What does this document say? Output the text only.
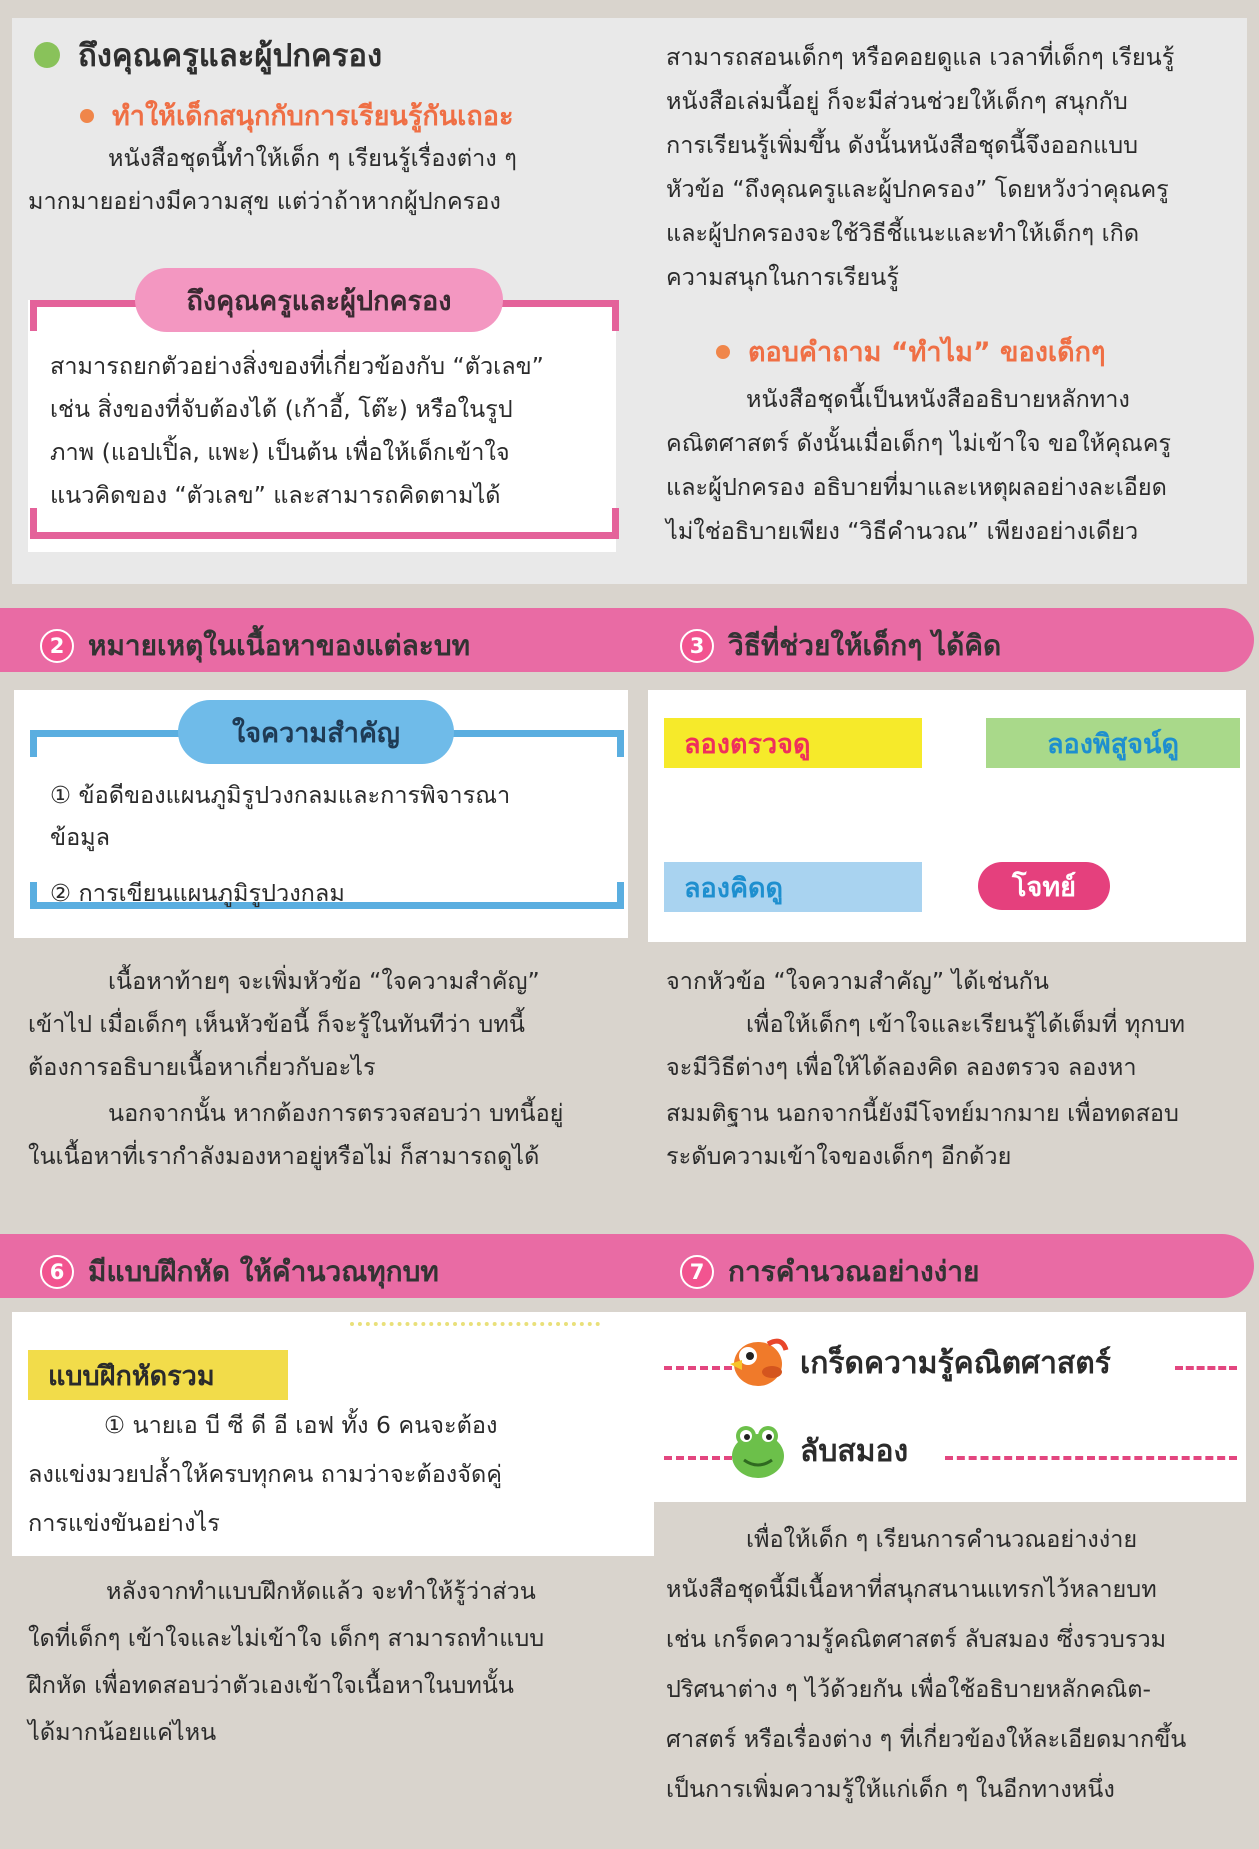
ถึงคุณครูและผู้ปกครอง
ทำให้เด็กสนุกกับการเรียนรู้กันเถอะ

หนังสือชุดนี้ทำให้เด็ก ๆ เรียนรู้เรื่องต่าง ๆ

มากมายอย่างมีความสุข แต่ว่าถ้าหากผู้ปกครอง

ถึงคุณครูและผู้ปกครอง

สามารถยกตัวอย่างสิ่งของที่เกี่ยวข้องกับ “ตัวเลข”

เช่น สิ่งของที่จับต้องได้ (เก้าอี้, โต๊ะ) หรือในรูป

ภาพ (แอปเปิ้ล, แพะ) เป็นต้น เพื่อให้เด็กเข้าใจ

แนวคิดของ “ตัวเลข” และสามารถคิดตามได้

สามารถสอนเด็กๆ หรือคอยดูแล เวลาที่เด็กๆ เรียนรู้

หนังสือเล่มนี้อยู่ ก็จะมีส่วนช่วยให้เด็กๆ สนุกกับ

การเรียนรู้เพิ่มขึ้น ดังนั้นหนังสือชุดนี้จึงออกแบบ

หัวข้อ “ถึงคุณครูและผู้ปกครอง” โดยหวังว่าคุณครู

และผู้ปกครองจะใช้วิธีชี้แนะและทำให้เด็กๆ เกิด

ความสนุกในการเรียนรู้

ตอบคำถาม “ทำไม” ของเด็กๆ

หนังสือชุดนี้เป็นหนังสืออธิบายหลักทาง

คณิตศาสตร์ ดังนั้นเมื่อเด็กๆ ไม่เข้าใจ ขอให้คุณครู

และผู้ปกครอง อธิบายที่มาและเหตุผลอย่างละเอียด

ไม่ใช่อธิบายเพียง “วิธีคำนวณ” เพียงอย่างเดียว

2 หมายเหตุในเนื้อหาของแต่ละบท	3 วิธีที่ช่วยให้เด็กๆ ได้คิด
ใจความสำคัญ

① ข้อดีของแผนภูมิรูปวงกลมและการพิจารณา

ข้อมูล

② การเขียนแผนภูมิรูปวงกลม

เนื้อหาท้ายๆ จะเพิ่มหัวข้อ “ใจความสำคัญ”

เข้าไป เมื่อเด็กๆ เห็นหัวข้อนี้ ก็จะรู้ในทันทีว่า บทนี้

ต้องการอธิบายเนื้อหาเกี่ยวกับอะไร

นอกจากนั้น หากต้องการตรวจสอบว่า บทนี้อยู่

ในเนื้อหาที่เรากำลังมองหาอยู่หรือไม่ ก็สามารถดูได้

ลองตรวจดู	ลองพิสูจน์ดู
ลองคิดดู	โจทย์

จากหัวข้อ “ใจความสำคัญ” ได้เช่นกัน

เพื่อให้เด็กๆ เข้าใจและเรียนรู้ได้เต็มที่ ทุกบท

จะมีวิธีต่างๆ เพื่อให้ได้ลองคิด ลองตรวจ ลองหา

สมมติฐาน นอกจากนี้ยังมีโจทย์มากมาย เพื่อทดสอบ

ระดับความเข้าใจของเด็กๆ อีกด้วย

6 มีแบบฝึกหัด ให้คำนวณทุกบท	7 การคำนวณอย่างง่าย
แบบฝึกหัดรวม

① นายเอ บี ซี ดี อี เอฟ ทั้ง 6 คนจะต้อง

ลงแข่งมวยปล้ำให้ครบทุกคน ถามว่าจะต้องจัดคู่

การแข่งขันอย่างไร

หลังจากทำแบบฝึกหัดแล้ว จะทำให้รู้ว่าส่วน

ใดที่เด็กๆ เข้าใจและไม่เข้าใจ เด็กๆ สามารถทำแบบ

ฝึกหัด เพื่อทดสอบว่าตัวเองเข้าใจเนื้อหาในบทนั้น

ได้มากน้อยแค่ไหน

เกร็ดความรู้คณิตศาสตร์
ลับสมอง

เพื่อให้เด็ก ๆ เรียนการคำนวณอย่างง่าย

หนังสือชุดนี้มีเนื้อหาที่สนุกสนานแทรกไว้หลายบท

เช่น เกร็ดความรู้คณิตศาสตร์ ลับสมอง ซึ่งรวบรวม

ปริศนาต่าง ๆ ไว้ด้วยกัน เพื่อใช้อธิบายหลักคณิต-

ศาสตร์ หรือเรื่องต่าง ๆ ที่เกี่ยวข้องให้ละเอียดมากขึ้น

เป็นการเพิ่มความรู้ให้แก่เด็ก ๆ ในอีกทางหนึ่ง
